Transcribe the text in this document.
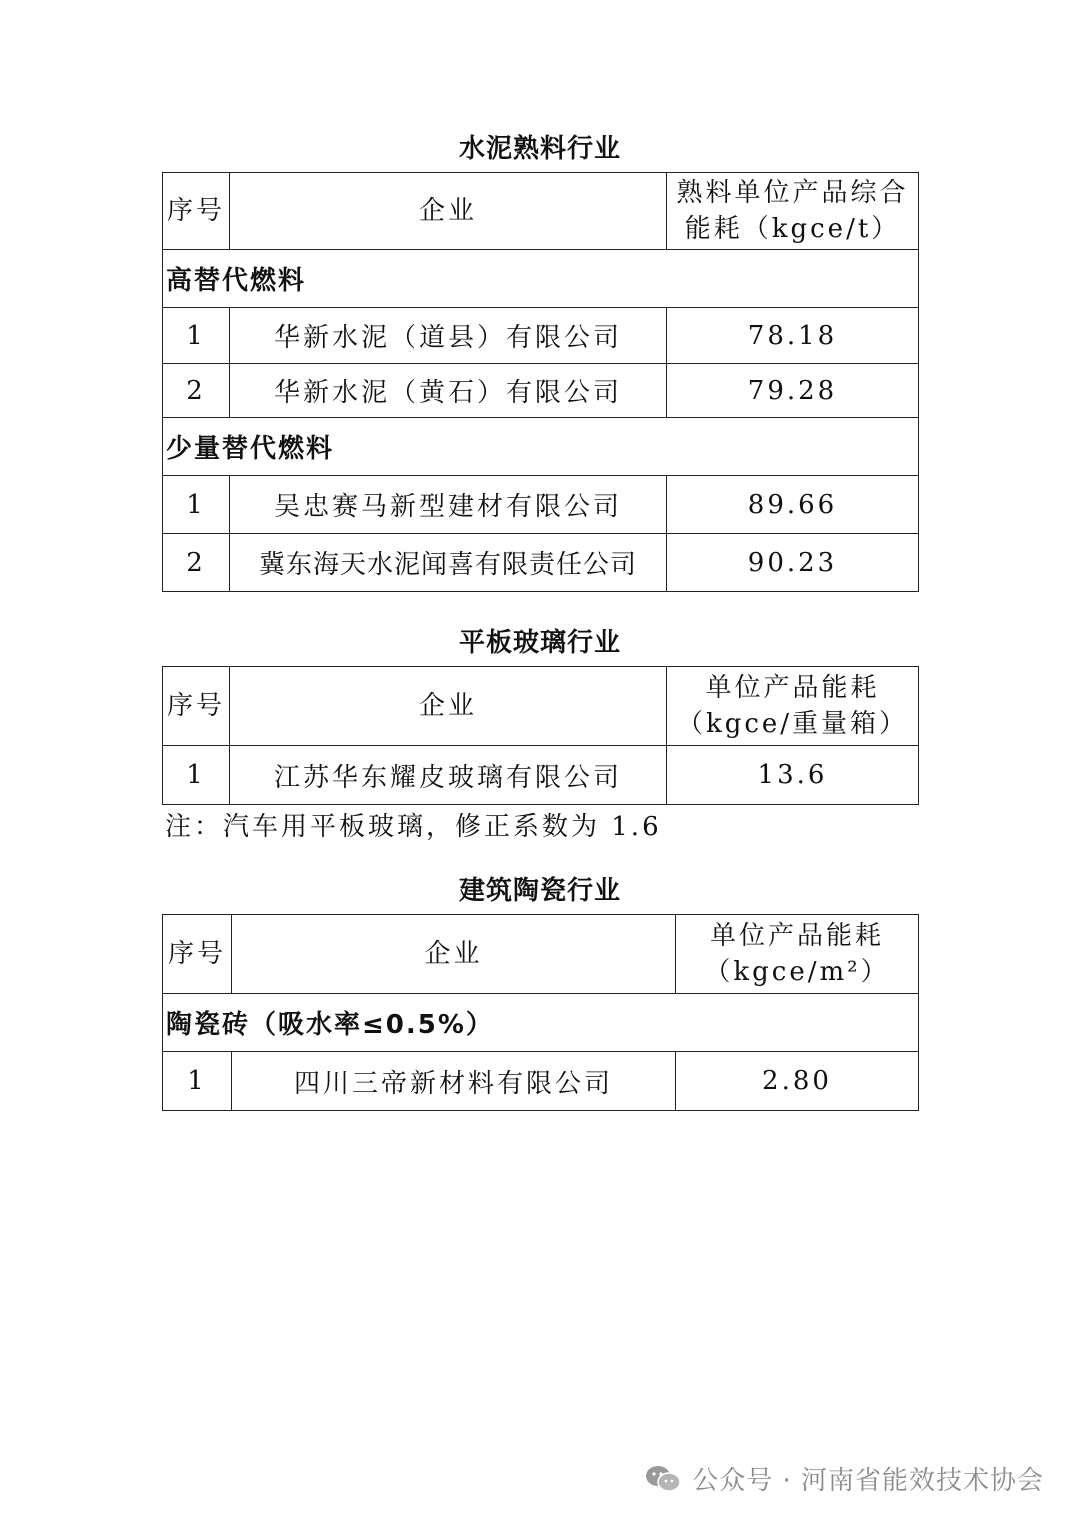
水泥熟料行业
序号	企业	熟料单位产品综合能耗（kgce/t）
高替代燃料		
1	华新水泥（道县）有限公司	78.18
2	华新水泥（黄石）有限公司	79.28
少量替代燃料		
1	吴忠赛马新型建材有限公司	89.66
2	冀东海天水泥闻喜有限责任公司	90.23
平板玻璃行业
序号	企业	单位产品能耗（kgce/重量箱）
1	江苏华东耀皮玻璃有限公司	13.6
注：汽车用平板玻璃，修正系数为 1.6
建筑陶瓷行业
序号	企业	单位产品能耗（kgce/m²）
陶瓷砖（吸水率≤0.5%）		
1	四川三帝新材料有限公司	2.80
公众号 · 河南省能效技术协会
